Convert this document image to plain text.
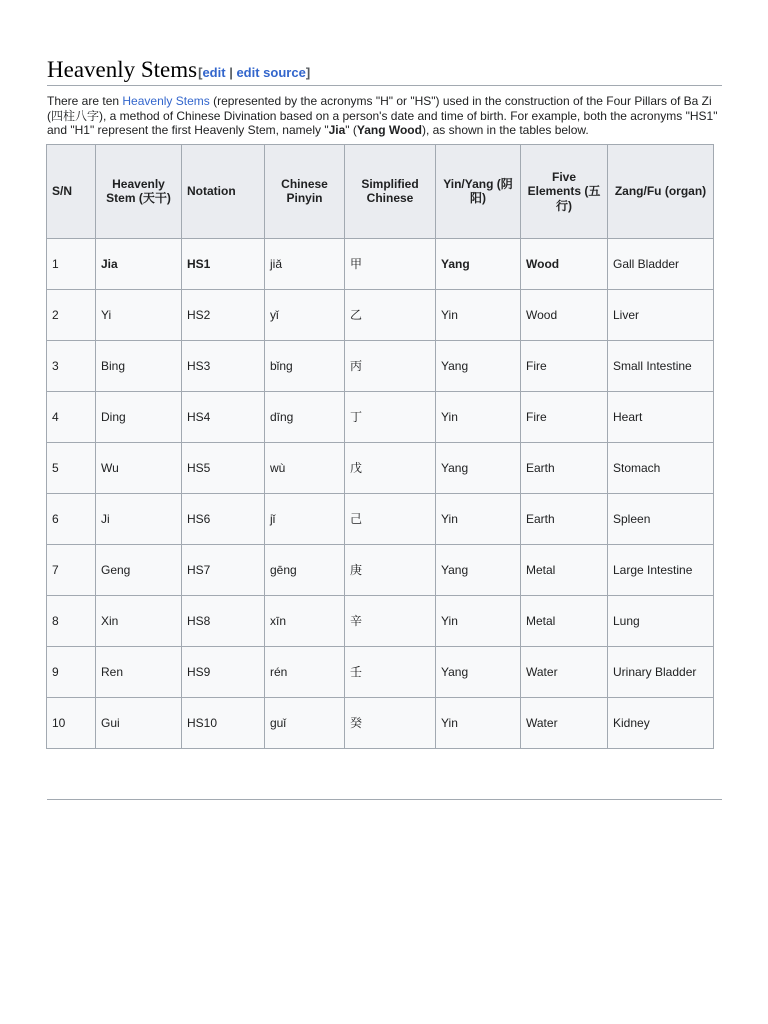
Heavenly Stems [edit | edit source]

There are ten Heavenly Stems (represented by the acronyms "H" or "HS") used in the construction of the Four Pillars of Ba Zi (四柱八字), a method of Chinese Divination based on a person's date and time of birth. For example, both the acronyms "HS1" and "H1" represent the first Heavenly Stem, namely "Jia" (Yang Wood), as shown in the tables below.

S/N	Heavenly Stem (天干)	Notation	Chinese Pinyin	Simplified Chinese	Yin/Yang (阴阳)	Five Elements (五行)	Zang/Fu (organ)
1	Jia	HS1	jiǎ	甲	Yang	Wood	Gall Bladder
2	Yi	HS2	yǐ	乙	Yin	Wood	Liver
3	Bing	HS3	bǐng	丙	Yang	Fire	Small Intestine
4	Ding	HS4	dīng	丁	Yin	Fire	Heart
5	Wu	HS5	wù	戊	Yang	Earth	Stomach
6	Ji	HS6	jǐ	己	Yin	Earth	Spleen
7	Geng	HS7	gēng	庚	Yang	Metal	Large Intestine
8	Xin	HS8	xīn	辛	Yin	Metal	Lung
9	Ren	HS9	rén	壬	Yang	Water	Urinary Bladder
10	Gui	HS10	guǐ	癸	Yin	Water	Kidney
